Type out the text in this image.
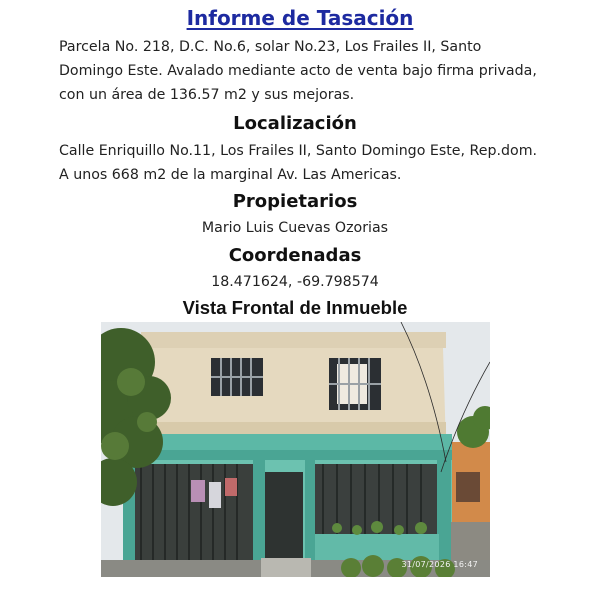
Informe de Tasación

Parcela No. 218, D.C. No.6, solar No.23, Los Frailes II, Santo Domingo Este. Avalado mediante acto de venta bajo firma privada, con un área de 136.57 m2 y sus mejoras.

Localización

Calle Enriquillo No.11, Los Frailes II, Santo Domingo Este, Rep.dom. A unos 668 m2 de la marginal Av. Las Americas.

Propietarios

Mario Luis Cuevas Ozorias

Coordenadas

18.471624, -69.798574

Vista Frontal de Inmueble
31/07/2026 16:47
